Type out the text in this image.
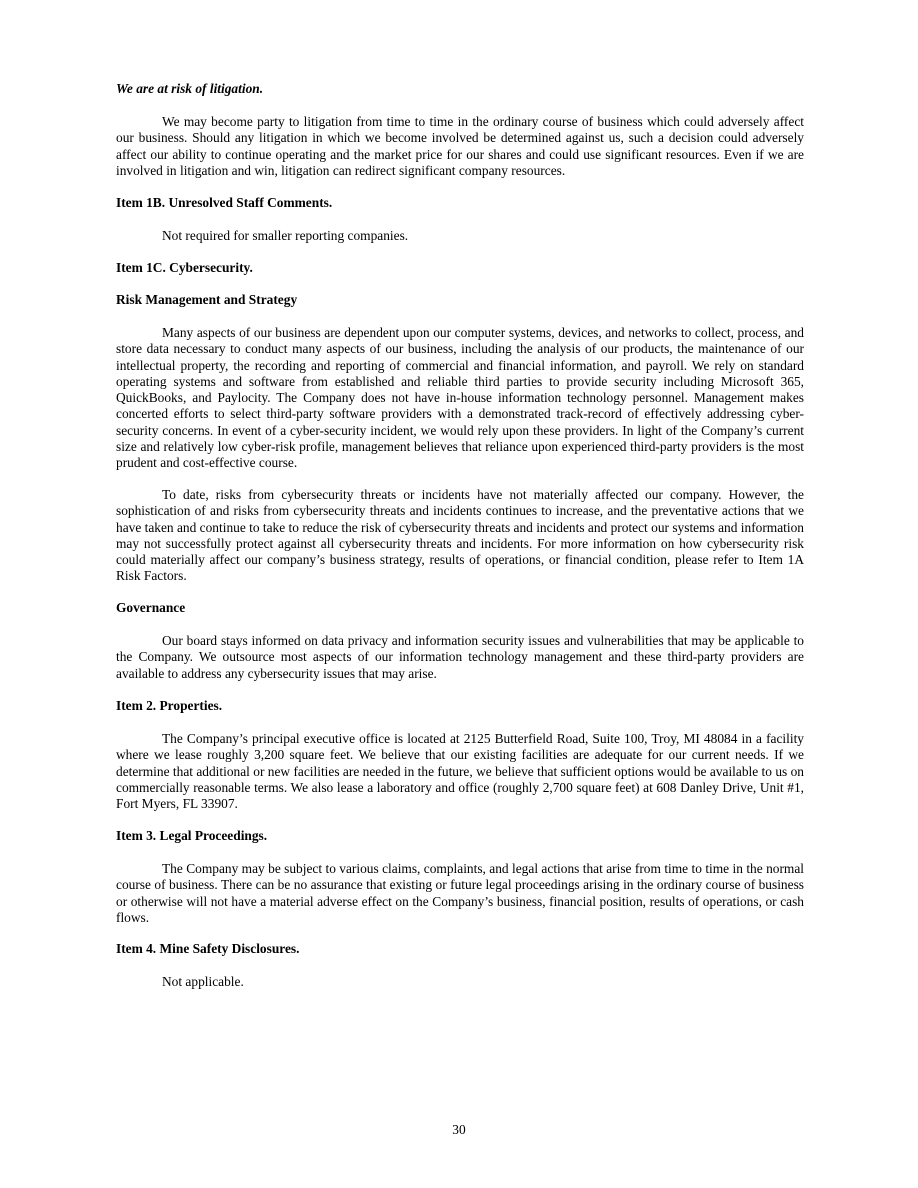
We are at risk of litigation.
We may become party to litigation from time to time in the ordinary course of business which could adversely affect our business. Should any litigation in which we become involved be determined against us, such a decision could adversely affect our ability to continue operating and the market price for our shares and could use significant resources. Even if we are involved in litigation and win, litigation can redirect significant company resources.
Item 1B. Unresolved Staff Comments.
Not required for smaller reporting companies.
Item 1C. Cybersecurity.
Risk Management and Strategy
Many aspects of our business are dependent upon our computer systems, devices, and networks to collect, process, and store data necessary to conduct many aspects of our business, including the analysis of our products, the maintenance of our intellectual property, the recording and reporting of commercial and financial information, and payroll. We rely on standard operating systems and software from established and reliable third parties to provide security including Microsoft 365, QuickBooks, and Paylocity. The Company does not have in-house information technology personnel. Management makes concerted efforts to select third-party software providers with a demonstrated track-record of effectively addressing cyber-security concerns. In event of a cyber-security incident, we would rely upon these providers. In light of the Company’s current size and relatively low cyber-risk profile, management believes that reliance upon experienced third-party providers is the most prudent and cost-effective course.
To date, risks from cybersecurity threats or incidents have not materially affected our company. However, the sophistication of and risks from cybersecurity threats and incidents continues to increase, and the preventative actions that we have taken and continue to take to reduce the risk of cybersecurity threats and incidents and protect our systems and information may not successfully protect against all cybersecurity threats and incidents. For more information on how cybersecurity risk could materially affect our company’s business strategy, results of operations, or financial condition, please refer to Item 1A Risk Factors.
Governance
Our board stays informed on data privacy and information security issues and vulnerabilities that may be applicable to the Company. We outsource most aspects of our information technology management and these third-party providers are available to address any cybersecurity issues that may arise.
Item 2. Properties.
The Company’s principal executive office is located at 2125 Butterfield Road, Suite 100, Troy, MI 48084 in a facility where we lease roughly 3,200 square feet. We believe that our existing facilities are adequate for our current needs. If we determine that additional or new facilities are needed in the future, we believe that sufficient options would be available to us on commercially reasonable terms. We also lease a laboratory and office (roughly 2,700 square feet) at 608 Danley Drive, Unit #1, Fort Myers, FL 33907.
Item 3. Legal Proceedings.
The Company may be subject to various claims, complaints, and legal actions that arise from time to time in the normal course of business. There can be no assurance that existing or future legal proceedings arising in the ordinary course of business or otherwise will not have a material adverse effect on the Company’s business, financial position, results of operations, or cash flows.
Item 4. Mine Safety Disclosures.
Not applicable.
30
